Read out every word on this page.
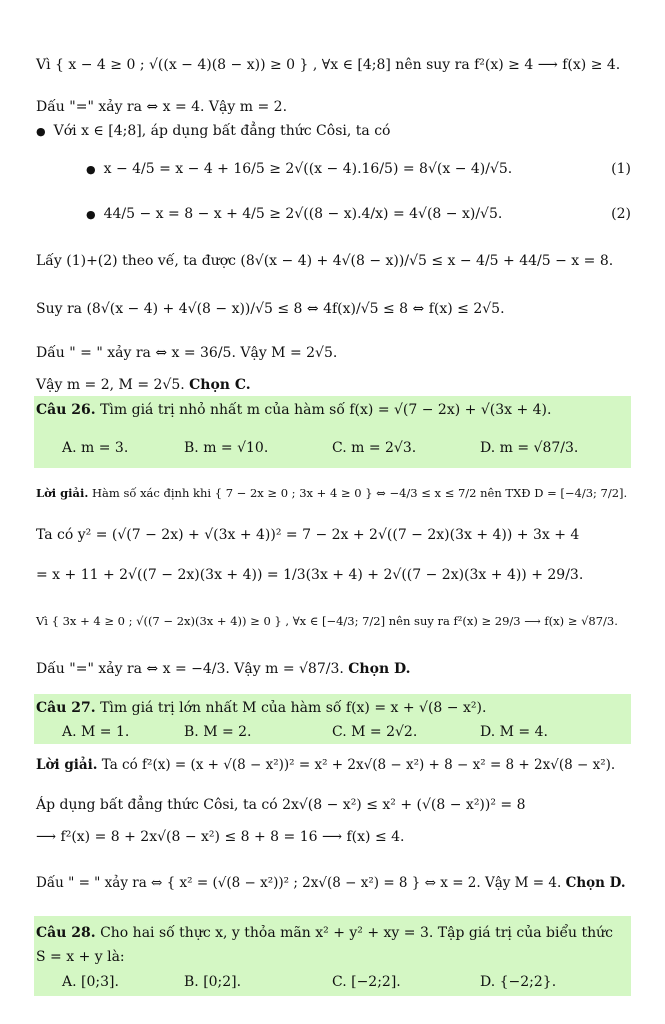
Vì { x − 4 ≥ 0 ; √((x − 4)(8 − x)) ≥ 0 } , ∀x ∈ [4;8] nên suy ra f²(x) ≥ 4 ⟶ f(x) ≥ 4.
Dấu "=" xảy ra ⇔ x = 4. Vậy m = 2.
● Với x ∈ [4;8], áp dụng bất đẳng thức Côsi, ta có
● x − 4/5 = x − 4 + 16/5 ≥ 2√((x − 4).16/5) = 8√(x − 4)/√5.	(1)
● 44/5 − x = 8 − x + 4/5 ≥ 2√((8 − x).4/x) = 4√(8 − x)/√5.	(2)
Lấy (1)+(2) theo vế, ta được (8√(x − 4) + 4√(8 − x))/√5 ≤ x − 4/5 + 44/5 − x = 8.
Suy ra (8√(x − 4) + 4√(8 − x))/√5 ≤ 8 ⇔ 4f(x)/√5 ≤ 8 ⇔ f(x) ≤ 2√5.
Dấu " = " xảy ra ⇔ x = 36/5. Vậy M = 2√5.
Vậy m = 2, M = 2√5. Chọn C.
Câu 26. Tìm giá trị nhỏ nhất m của hàm số f(x) = √(7 − 2x) + √(3x + 4).
A. m = 3.	B. m = √10.	C. m = 2√3.	D. m = √87/3.
Lời giải. Hàm số xác định khi { 7 − 2x ≥ 0 ; 3x + 4 ≥ 0 } ⇔ −4/3 ≤ x ≤ 7/2 nên TXĐ D = [−4/3; 7/2].
Ta có y² = (√(7 − 2x) + √(3x + 4))² = 7 − 2x + 2√((7 − 2x)(3x + 4)) + 3x + 4
= x + 11 + 2√((7 − 2x)(3x + 4)) = 1/3(3x + 4) + 2√((7 − 2x)(3x + 4)) + 29/3.
Vì { 3x + 4 ≥ 0 ; √((7 − 2x)(3x + 4)) ≥ 0 } , ∀x ∈ [−4/3; 7/2] nên suy ra f²(x) ≥ 29/3 ⟶ f(x) ≥ √87/3.
Dấu "=" xảy ra ⇔ x = −4/3. Vậy m = √87/3. Chọn D.
Câu 27. Tìm giá trị lớn nhất M của hàm số f(x) = x + √(8 − x²).
A. M = 1.	B. M = 2.	C. M = 2√2.	D. M = 4.
Lời giải. Ta có f²(x) = (x + √(8 − x²))² = x² + 2x√(8 − x²) + 8 − x² = 8 + 2x√(8 − x²).
Áp dụng bất đẳng thức Côsi, ta có 2x√(8 − x²) ≤ x² + (√(8 − x²))² = 8
⟶ f²(x) = 8 + 2x√(8 − x²) ≤ 8 + 8 = 16 ⟶ f(x) ≤ 4.
Dấu " = " xảy ra ⇔ { x² = (√(8 − x²))² ; 2x√(8 − x²) = 8 } ⇔ x = 2. Vậy M = 4. Chọn D.
Câu 28. Cho hai số thực x, y thỏa mãn x² + y² + xy = 3. Tập giá trị của biểu thức
S = x + y là:
A. [0;3].	B. [0;2].	C. [−2;2].	D. {−2;2}.
